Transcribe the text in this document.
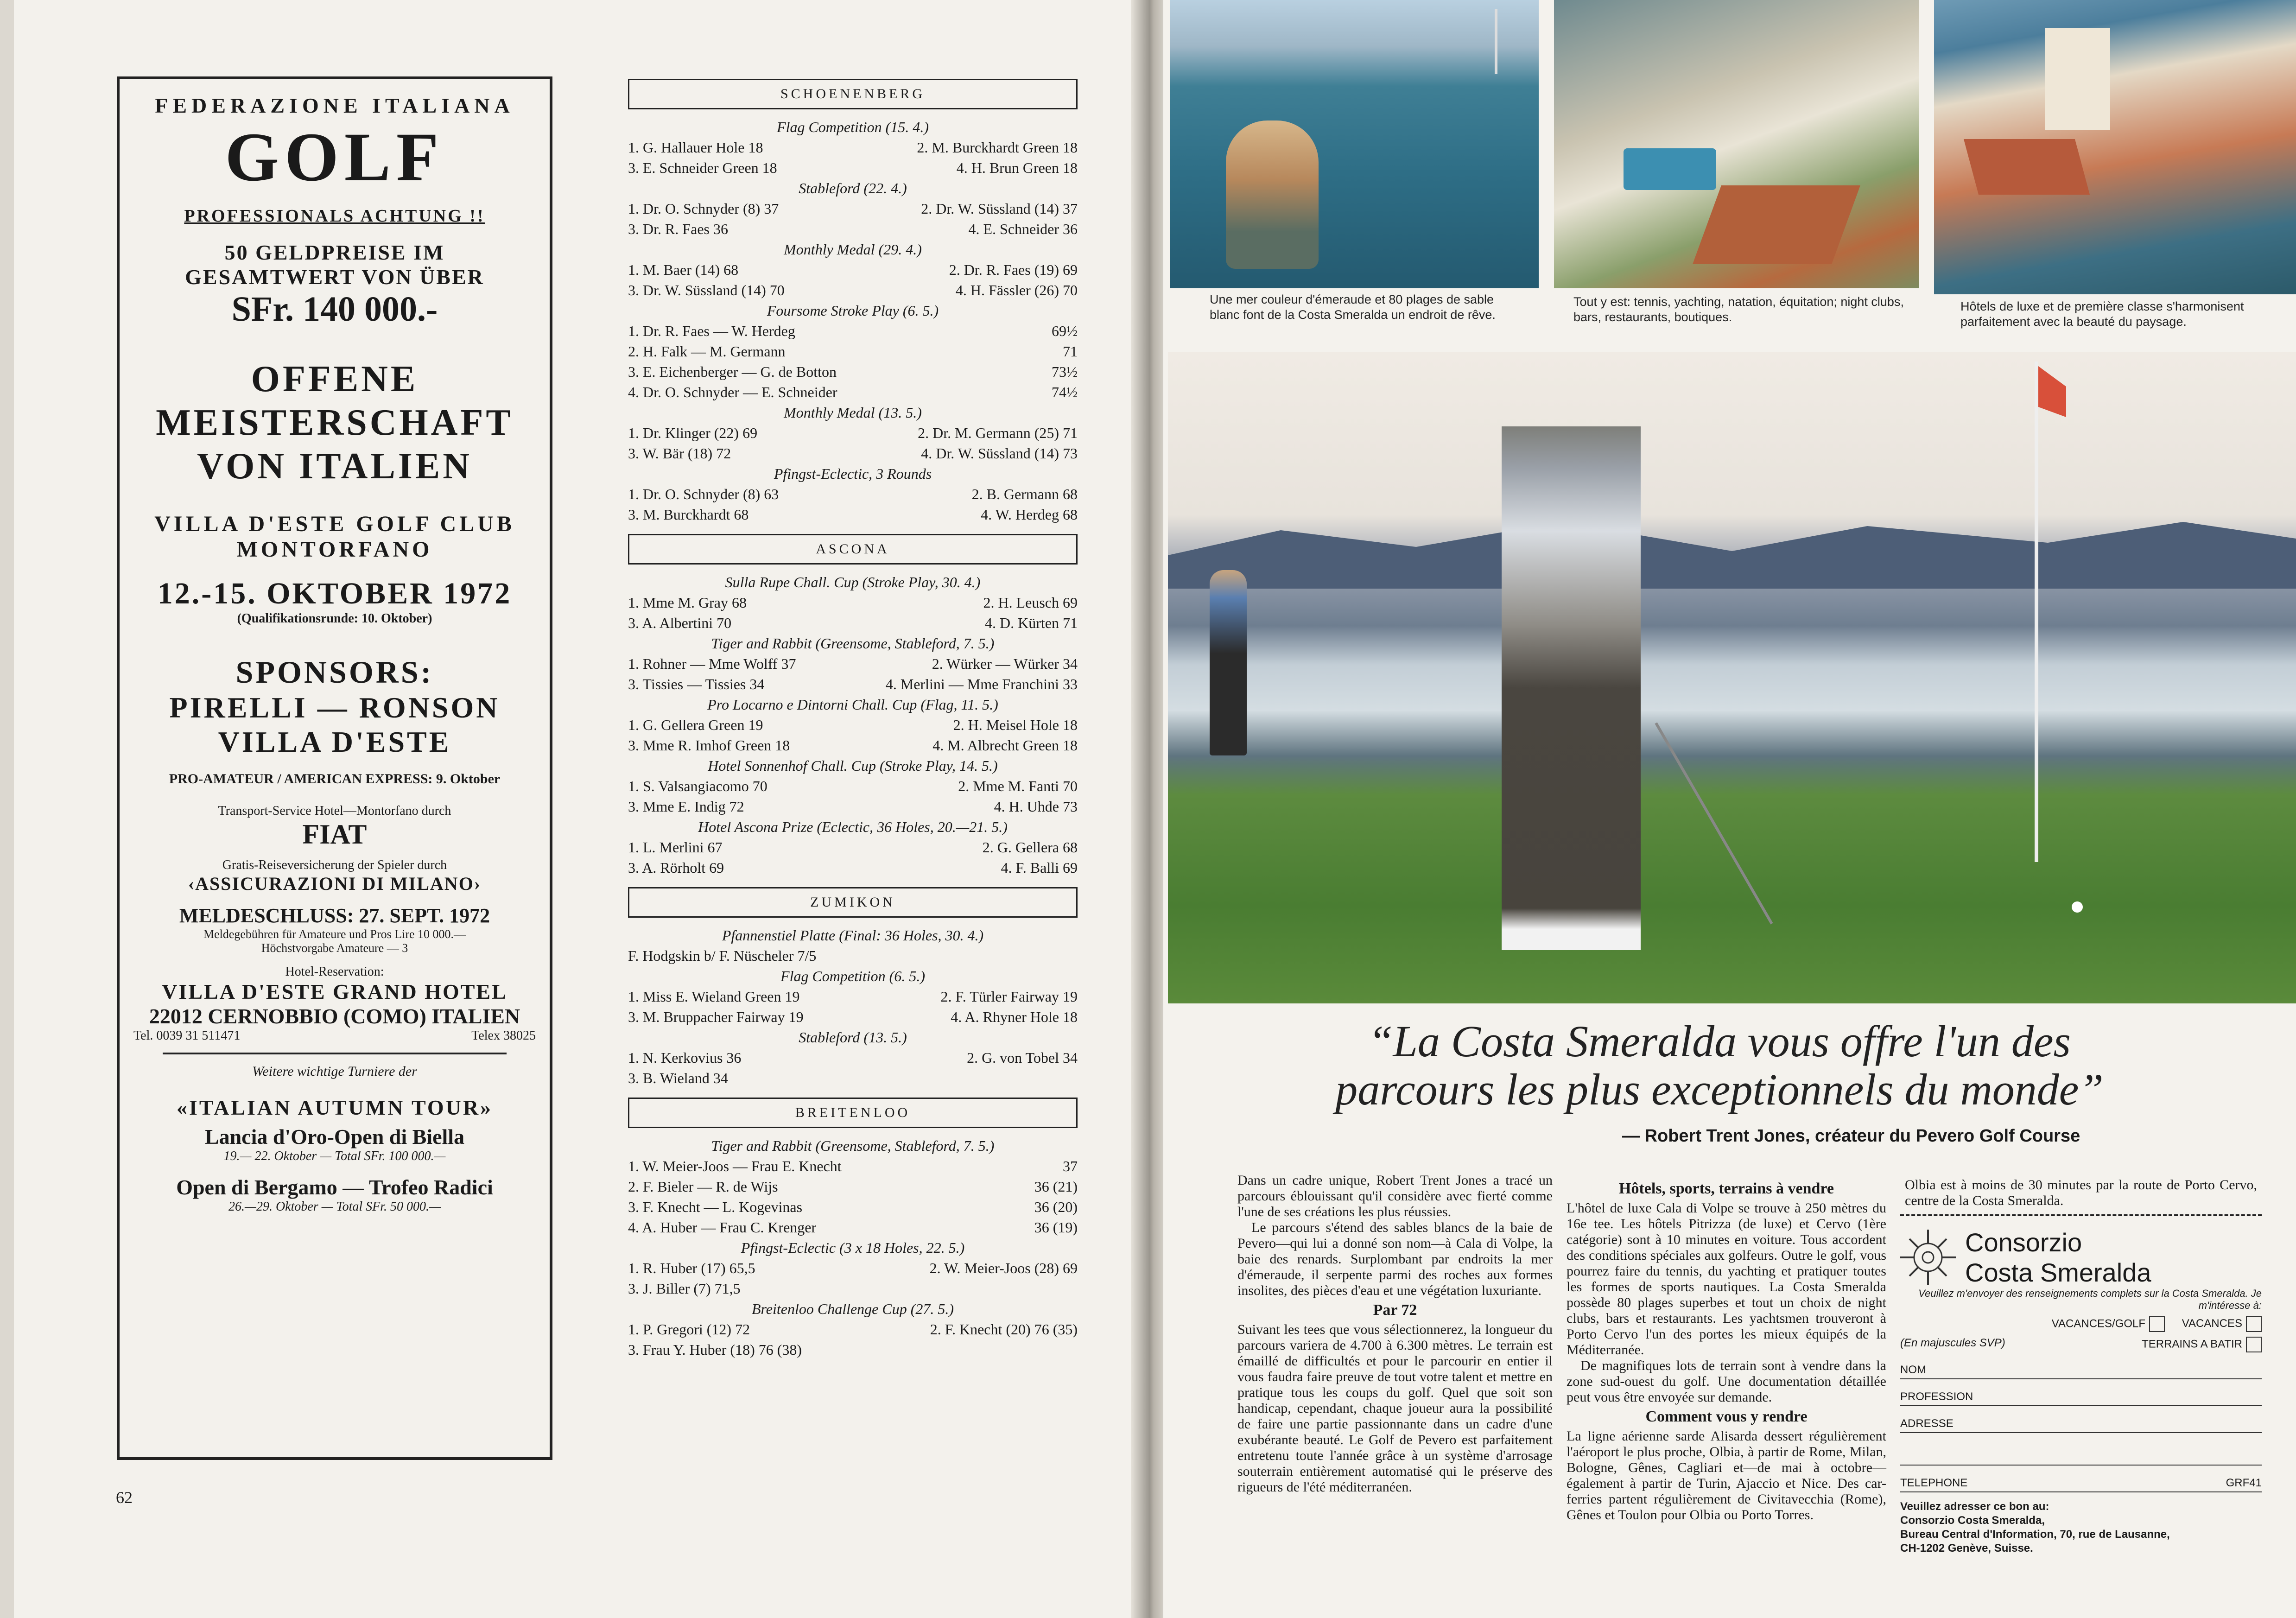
FEDERAZIONE ITALIANA
GOLF
PROFESSIONALS ACHTUNG !!
50 GELDPREISE IM
GESAMTWERT VON ÜBER
SFr. 140 000.-
OFFENE
MEISTERSCHAFT
VON ITALIEN
VILLA D'ESTE GOLF CLUB
MONTORFANO
12.-15. OKTOBER 1972
(Qualifikationsrunde: 10. Oktober)
SPONSORS:
PIRELLI — RONSON
VILLA D'ESTE
PRO-AMATEUR / AMERICAN EXPRESS: 9. Oktober
Transport-Service Hotel—Montorfano durch
FIAT
Gratis-Reiseversicherung der Spieler durch
‹ASSICURAZIONI DI MILANO›
MELDESCHLUSS: 27. SEPT. 1972
Meldegebühren für Amateure und Pros Lire 10 000.—
Höchstvorgabe Amateure — 3
Hotel-Reservation:
VILLA D'ESTE GRAND HOTEL
22012 CERNOBBIO (COMO) ITALIEN
Tel. 0039 31 511471	Telex 38025
Weitere wichtige Turniere der
«ITALIAN AUTUMN TOUR»
Lancia d'Oro-Open di Biella
19.— 22. Oktober — Total SFr. 100 000.—
Open di Bergamo — Trofeo Radici
26.—29. Oktober — Total SFr. 50 000.—
62
SCHOENENBERG
Flag Competition (15. 4.)
1. G. Hallauer Hole 18	2. M. Burckhardt Green 18
3. E. Schneider Green 18	4. H. Brun Green 18
Stableford (22. 4.)
1. Dr. O. Schnyder (8) 37	2. Dr. W. Süssland (14) 37
3. Dr. R. Faes 36	4. E. Schneider 36
Monthly Medal (29. 4.)
1. M. Baer (14) 68	2. Dr. R. Faes (19) 69
3. Dr. W. Süssland (14) 70	4. H. Fässler (26) 70
Foursome Stroke Play (6. 5.)
1. Dr. R. Faes — W. Herdeg	69½
2. H. Falk — M. Germann	71
3. E. Eichenberger — G. de Botton	73½
4. Dr. O. Schnyder — E. Schneider	74½
Monthly Medal (13. 5.)
1. Dr. Klinger (22) 69	2. Dr. M. Germann (25) 71
3. W. Bär (18) 72	4. Dr. W. Süssland (14) 73
Pfingst-Eclectic, 3 Rounds
1. Dr. O. Schnyder (8) 63	2. B. Germann 68
3. M. Burckhardt 68	4. W. Herdeg 68
ASCONA
Sulla Rupe Chall. Cup (Stroke Play, 30. 4.)
1. Mme M. Gray 68	2. H. Leusch 69
3. A. Albertini 70	4. D. Kürten 71
Tiger and Rabbit (Greensome, Stableford, 7. 5.)
1. Rohner — Mme Wolff 37	2. Würker — Würker 34
3. Tissies — Tissies 34	4. Merlini — Mme Franchini 33
Pro Locarno e Dintorni Chall. Cup (Flag, 11. 5.)
1. G. Gellera Green 19	2. H. Meisel Hole 18
3. Mme R. Imhof Green 18	4. M. Albrecht Green 18
Hotel Sonnenhof Chall. Cup (Stroke Play, 14. 5.)
1. S. Valsangiacomo 70	2. Mme M. Fanti 70
3. Mme E. Indig 72	4. H. Uhde 73
Hotel Ascona Prize (Eclectic, 36 Holes, 20.—21. 5.)
1. L. Merlini 67	2. G. Gellera 68
3. A. Rörholt 69	4. F. Balli 69
ZUMIKON
Pfannenstiel Platte (Final: 36 Holes, 30. 4.)
F. Hodgskin b/ F. Nüscheler 7/5
Flag Competition (6. 5.)
1. Miss E. Wieland Green 19	2. F. Türler Fairway 19
3. M. Bruppacher Fairway 19	4. A. Rhyner Hole 18
Stableford (13. 5.)
1. N. Kerkovius 36	2. G. von Tobel 34
3. B. Wieland 34
BREITENLOO
Tiger and Rabbit (Greensome, Stableford, 7. 5.)
1. W. Meier-Joos — Frau E. Knecht	37
2. F. Bieler — R. de Wijs	36 (21)
3. F. Knecht — L. Kogevinas	36 (20)
4. A. Huber — Frau C. Krenger	36 (19)
Pfingst-Eclectic (3 x 18 Holes, 22. 5.)
1. R. Huber (17) 65,5	2. W. Meier-Joos (28) 69
3. J. Biller (7) 71,5
Breitenloo Challenge Cup (27. 5.)
1. P. Gregori (12) 72	2. F. Knecht (20) 76 (35)
3. Frau Y. Huber (18) 76 (38)
Une mer couleur d'émeraude et 80 plages de sable blanc font de la Costa Smeralda un endroit de rêve.
Tout y est: tennis, yachting, natation, équitation; night clubs, bars, restaurants, boutiques.
Hôtels de luxe et de première classe s'harmonisent parfaitement avec la beauté du paysage.
“La Costa Smeralda vous offre l'un des
parcours les plus exceptionnels du monde”
— Robert Trent Jones, créateur du Pevero Golf Course

Dans un cadre unique, Robert Trent Jones a tracé un parcours éblouissant qu'il considère avec fierté comme l'une de ses créations les plus réussies.

Le parcours s'étend des sables blancs de la baie de Pevero—qui lui a donné son nom—à Cala di Volpe, la baie des renards. Surplombant par endroits la mer d'émeraude, il serpente parmi des roches aux formes insolites, des pièces d'eau et une végétation luxuriante.

Par 72

Suivant les tees que vous sélectionnerez, la longueur du parcours variera de 4.700 à 6.300 mètres. Le terrain est émaillé de difficultés et pour le parcourir en entier il vous faudra faire preuve de tout votre talent et mettre en pratique tous les coups du golf. Quel que soit son handicap, cependant, chaque joueur aura la possibilité de faire une partie passionnante dans un cadre d'une exubérante beauté. Le Golf de Pevero est parfaitement entretenu toute l'année grâce à un système d'arrosage souterrain entièrement automatisé qui le préserve des rigueurs de l'été méditerranéen.

Hôtels, sports, terrains à vendre

L'hôtel de luxe Cala di Volpe se trouve à 250 mètres du 16e tee. Les hôtels Pitrizza (de luxe) et Cervo (1ère catégorie) sont à 10 minutes en voiture. Tous accordent des conditions spéciales aux golfeurs. Outre le golf, vous pourrez faire du tennis, du yachting et pratiquer toutes les formes de sports nautiques. La Costa Smeralda possède 80 plages superbes et tout un choix de night clubs, bars et restaurants. Les yachtsmen trouveront à Porto Cervo l'un des portes les mieux équipés de la Méditerranée.

De magnifiques lots de terrain sont à vendre dans la zone sud-ouest du golf. Une documentation détaillée peut vous être envoyée sur demande.

Comment vous y rendre

La ligne aérienne sarde Alisarda dessert régulièrement l'aéroport le plus proche, Olbia, à partir de Rome, Milan, Bologne, Gênes, Cagliari et—de mai à octobre—également à partir de Turin, Ajaccio et Nice. Des car-ferries partent régulièrement de Civitavecchia (Rome), Gênes et Toulon pour Olbia ou Porto Torres.

Olbia est à moins de 30 minutes par la route de Porto Cervo, centre de la Costa Smeralda.
Consorzio
Costa Smeralda
Veuillez m'envoyer des renseignements complets sur la Costa Smeralda. Je m'intéresse à:
VACANCES/GOLF	VACANCES
(En majuscules SVP)	TERRAINS A BATIR
NOM
PROFESSION
ADRESSE
TELEPHONE	GRF41
Veuillez adresser ce bon au:
Consorzio Costa Smeralda,
Bureau Central d'Information, 70, rue de Lausanne,
CH-1202 Genève, Suisse.
